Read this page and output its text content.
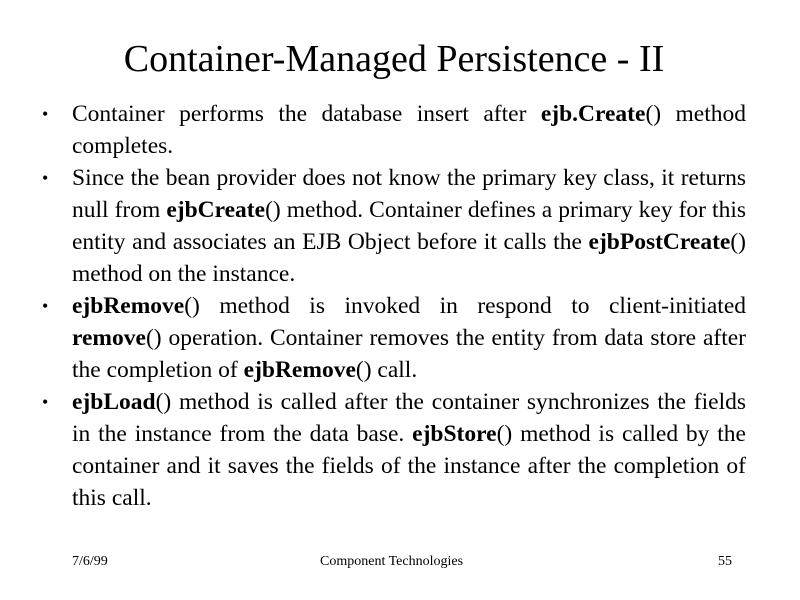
Container-Managed Persistence - II
• Container performs the database insert after ejb.Create() method completes.
• Since the bean provider does not know the primary key class, it returns null from ejbCreate() method. Container defines a primary key for this entity and associates an EJB Object before it calls the ejbPostCreate() method on the instance.
• ejbRemove() method is invoked in respond to client-initiated remove() operation. Container removes the entity from data store after the completion of ejbRemove() call.
• ejbLoad() method is called after the container synchronizes the fields in the instance from the data base. ejbStore() method is called by the container and it saves the fields of the instance after the completion of this call.
7/6/99	Component Technologies	55
